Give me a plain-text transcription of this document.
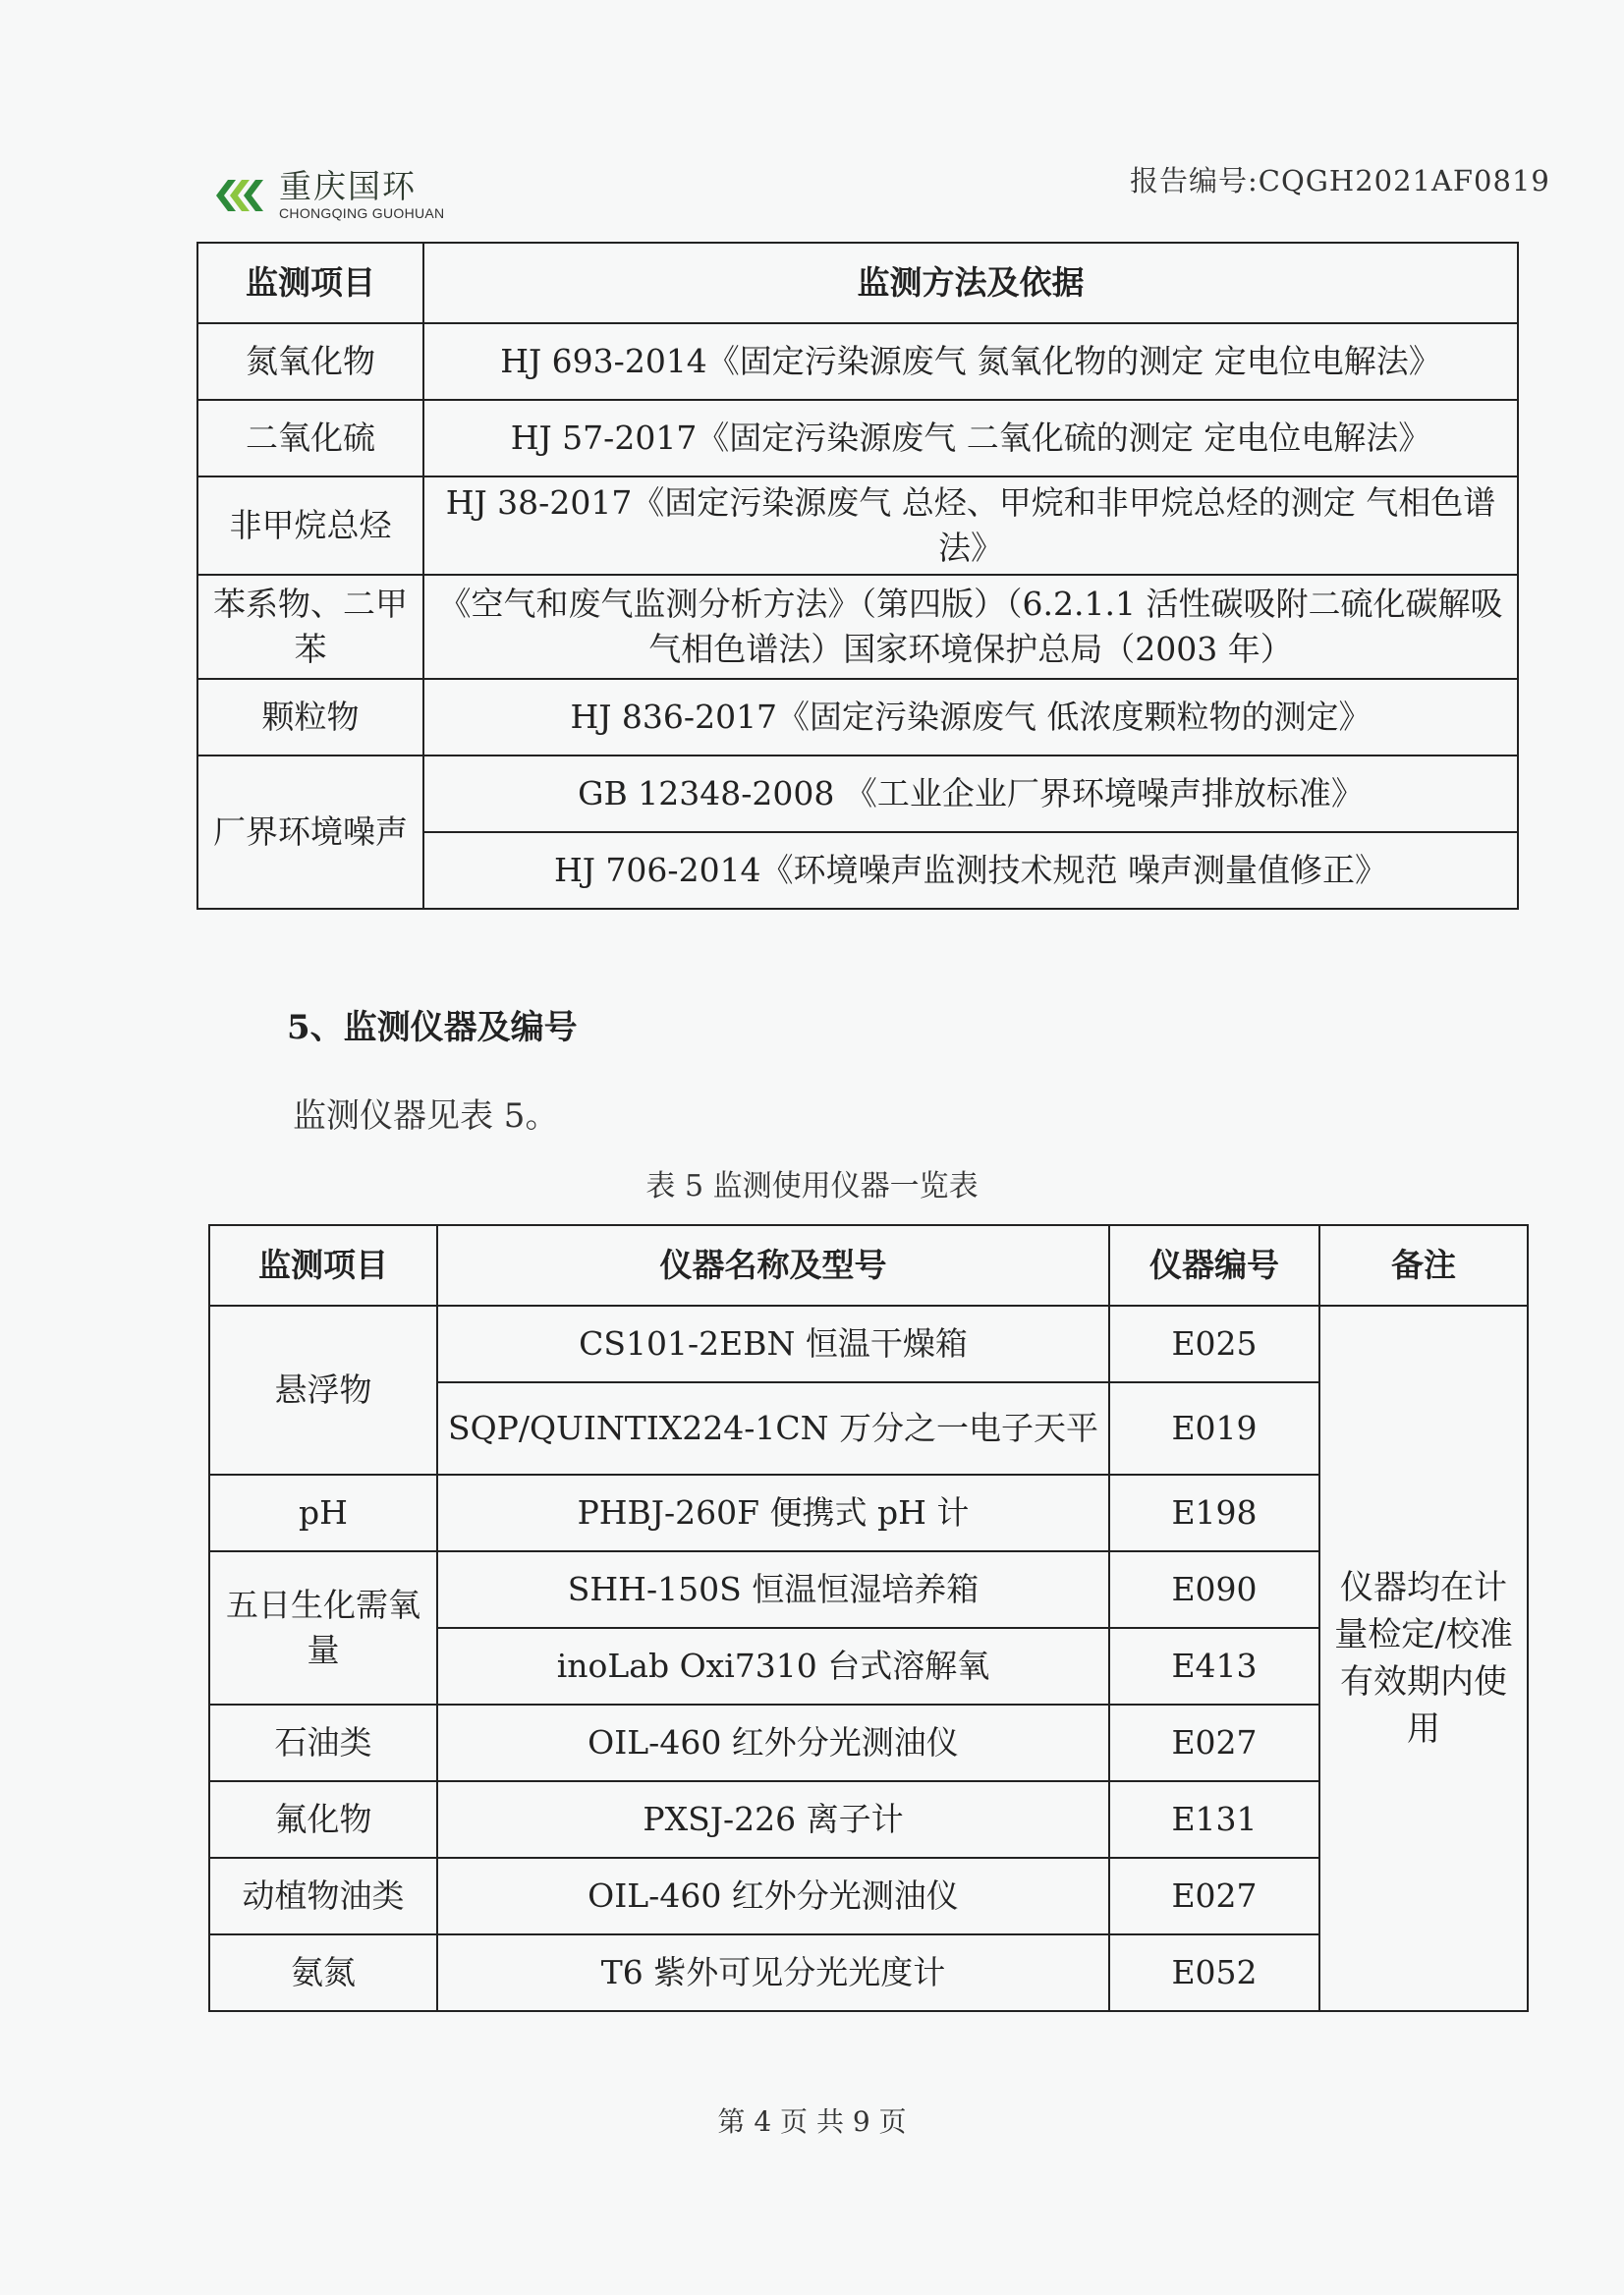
重庆国环
CHONGQING GUOHUAN
报告编号:CQGH2021AF0819
监测项目	监测方法及依据
氮氧化物	HJ 693-2014《固定污染源废气 氮氧化物的测定 定电位电解法》
二氧化硫	HJ 57-2017《固定污染源废气 二氧化硫的测定 定电位电解法》
非甲烷总烃	HJ 38-2017《固定污染源废气 总烃、甲烷和非甲烷总烃的测定 气相色谱法》
苯系物、二甲苯	《空气和废气监测分析方法》（第四版）（6.2.1.1 活性碳吸附二硫化碳解吸气相色谱法）国家环境保护总局（2003 年）
颗粒物	HJ 836-2017《固定污染源废气 低浓度颗粒物的测定》
厂界环境噪声	GB 12348-2008 《工业企业厂界环境噪声排放标准》
	HJ 706-2014《环境噪声监测技术规范 噪声测量值修正》
5、监测仪器及编号
监测仪器见表 5。
表 5 监测使用仪器一览表
监测项目	仪器名称及型号	仪器编号	备注
悬浮物	CS101-2EBN 恒温干燥箱	E025	仪器均在计量检定/校准有效期内使用
	SQP/QUINTIX224-1CN 万分之一电子天平	E019	
pH	PHBJ-260F 便携式 pH 计	E198	
五日生化需氧量	SHH-150S 恒温恒湿培养箱	E090	
	inoLab Oxi7310 台式溶解氧	E413	
石油类	OIL-460 红外分光测油仪	E027	
氟化物	PXSJ-226 离子计	E131	
动植物油类	OIL-460 红外分光测油仪	E027	
氨氮	T6 紫外可见分光光度计	E052	
第 4 页 共 9 页
